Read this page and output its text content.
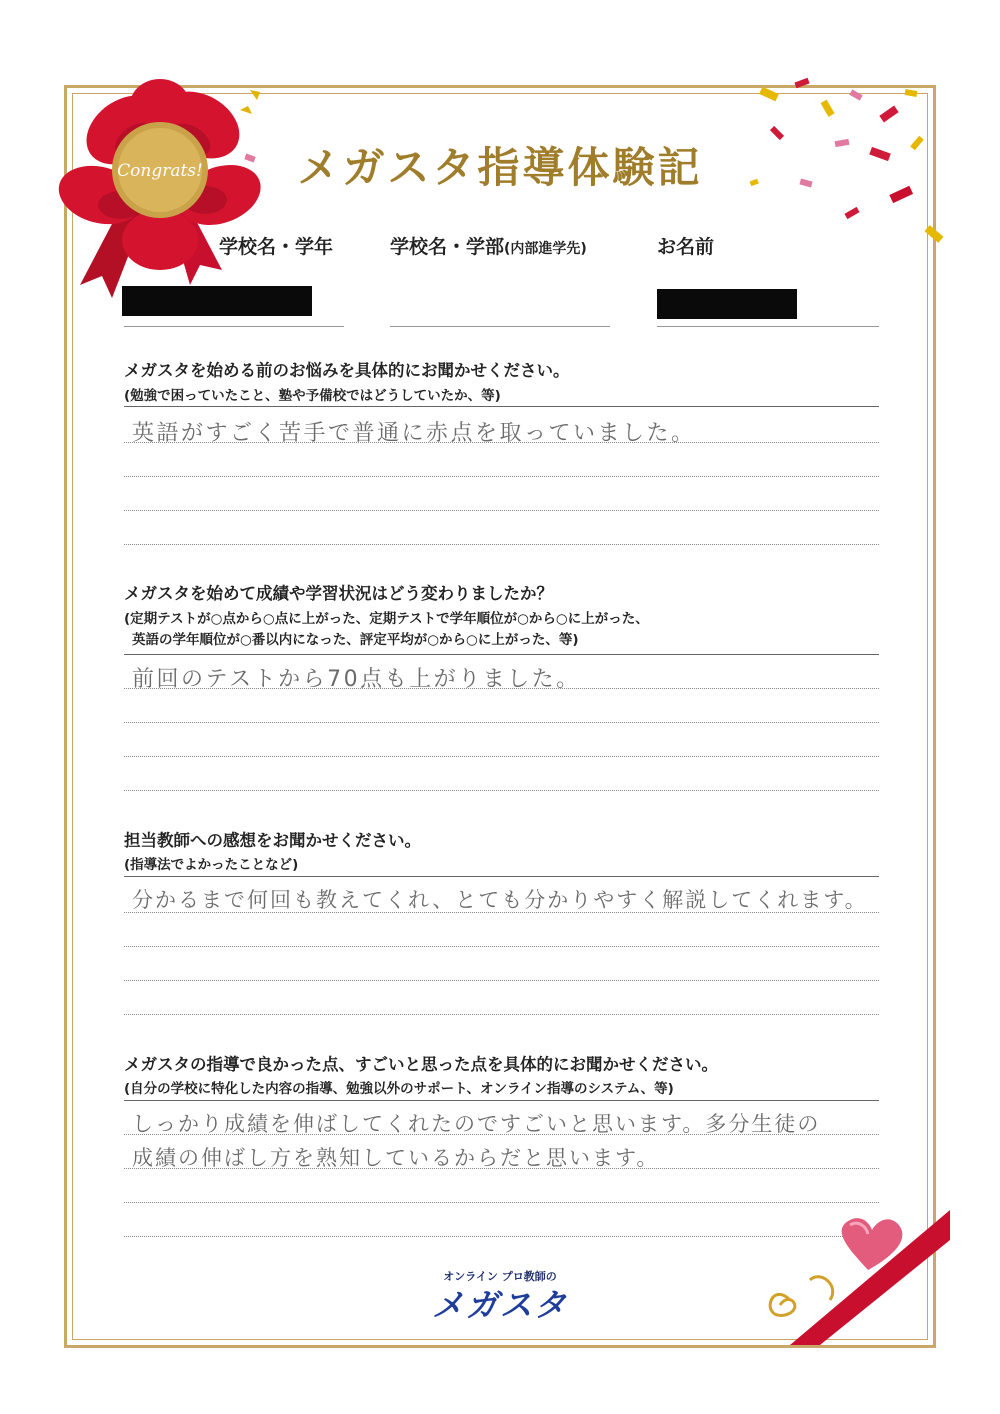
Congrats!	メガスタ指導体験記
学校名・学年	学校名・学部(内部進学先)	お名前
メガスタを始める前のお悩みを具体的にお聞かせください。
(勉強で困っていたこと、塾や予備校ではどうしていたか、等)
英語がすごく苦手で普通に赤点を取っていました。
メガスタを始めて成績や学習状況はどう変わりましたか？
(定期テストが○点から○点に上がった、定期テストで学年順位が○から○に上がった、
英語の学年順位が○番以内になった、評定平均が○から○に上がった、等)
前回のテストから70点も上がりました。
担当教師への感想をお聞かせください。
(指導法でよかったことなど)
分かるまで何回も教えてくれ、とても分かりやすく解説してくれます。
メガスタの指導で良かった点、すごいと思った点を具体的にお聞かせください。
(自分の学校に特化した内容の指導、勉強以外のサポート、オンライン指導のシステム、等)
しっかり成績を伸ばしてくれたのですごいと思います。多分生徒の
成績の伸ばし方を熟知しているからだと思います。
オンライン プロ教師の
メガスタ
